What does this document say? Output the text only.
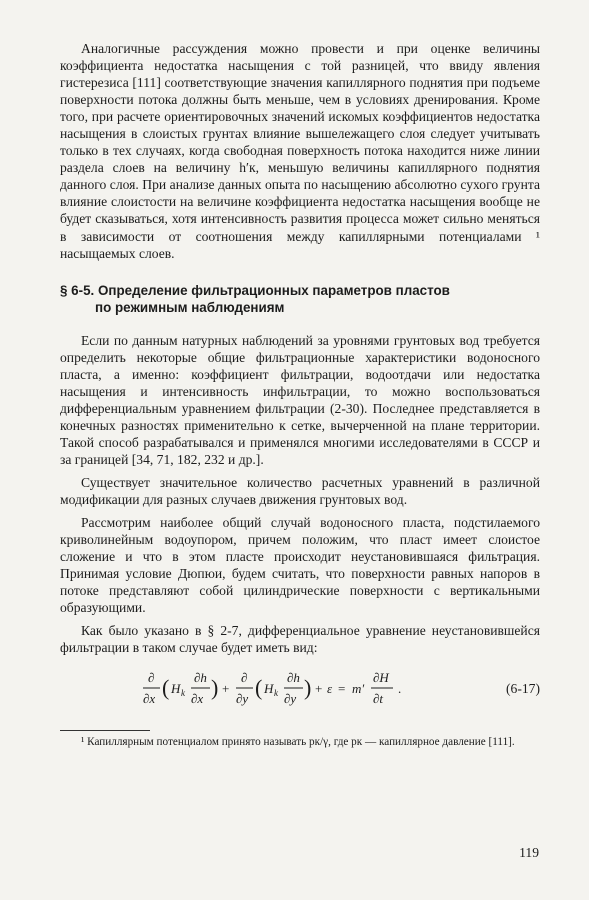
Аналогичные рассуждения можно провести и при оценке величины коэффициента недостатка насыщения с той разницей, что ввиду явления гистерезиса [111] соответствующие значения капиллярного поднятия при подъеме поверхности потока должны быть меньше, чем в условиях дренирования. Кроме того, при расчете ориентировочных значений искомых коэффициентов недостатка насыщения в слоистых грунтах влияние вышележащего слоя следует учитывать только в тех случаях, когда свободная поверхность потока находится ниже линии раздела слоев на величину h′к, меньшую величины капиллярного поднятия данного слоя. При анализе данных опыта по насыщению абсолютно сухого грунта влияние слоистости на величине коэффициента недостатка насыщения вообще не будет сказываться, хотя интенсивность развития процесса может сильно меняться в зависимости от соотношения между капиллярными потенциалами ¹ насыщаемых слоев.

§ 6-5. Определение фильтрационных параметров пластов
по режимным наблюдениям

Если по данным натурных наблюдений за уровнями грунтовых вод требуется определить некоторые общие фильтрационные характеристики водоносного пласта, а именно: коэффициент фильтрации, водоотдачи или недостатка насыщения и интенсивность инфильтрации, то можно воспользоваться дифференциальным уравнением фильтрации (2-30). Последнее представляется в конечных разностях применительно к сетке, вычерченной на плане территории. Такой способ разрабатывался и применялся многими исследователями в СССР и за границей [34, 71, 182, 232 и др.].

Существует значительное количество расчетных уравнений в различной модификации для разных случаев движения грунтовых вод.

Рассмотрим наиболее общий случай водоносного пласта, подстилаемого криволинейным водоупором, причем положим, что пласт имеет слоистое сложение и что в этом пласте происходит неустановившаяся фильтрация. Принимая условие Дюпюи, будем считать, что поверхности равных напоров в потоке представляют собой цилиндрические поверхности с вертикальными образующими.

Как было указано в § 2-7, дифференциальное уравнение неустановившейся фильтрации в таком случае будет иметь вид:

∂
∂x ( H k
∂h
∂x ) +
∂
∂y ( H k
∂h
∂y ) + ε = m′
∂H
∂t
.	(6-17)

¹ Капиллярным потенциалом принято называть pк/γ, где pк — капиллярное давление [111].

119
